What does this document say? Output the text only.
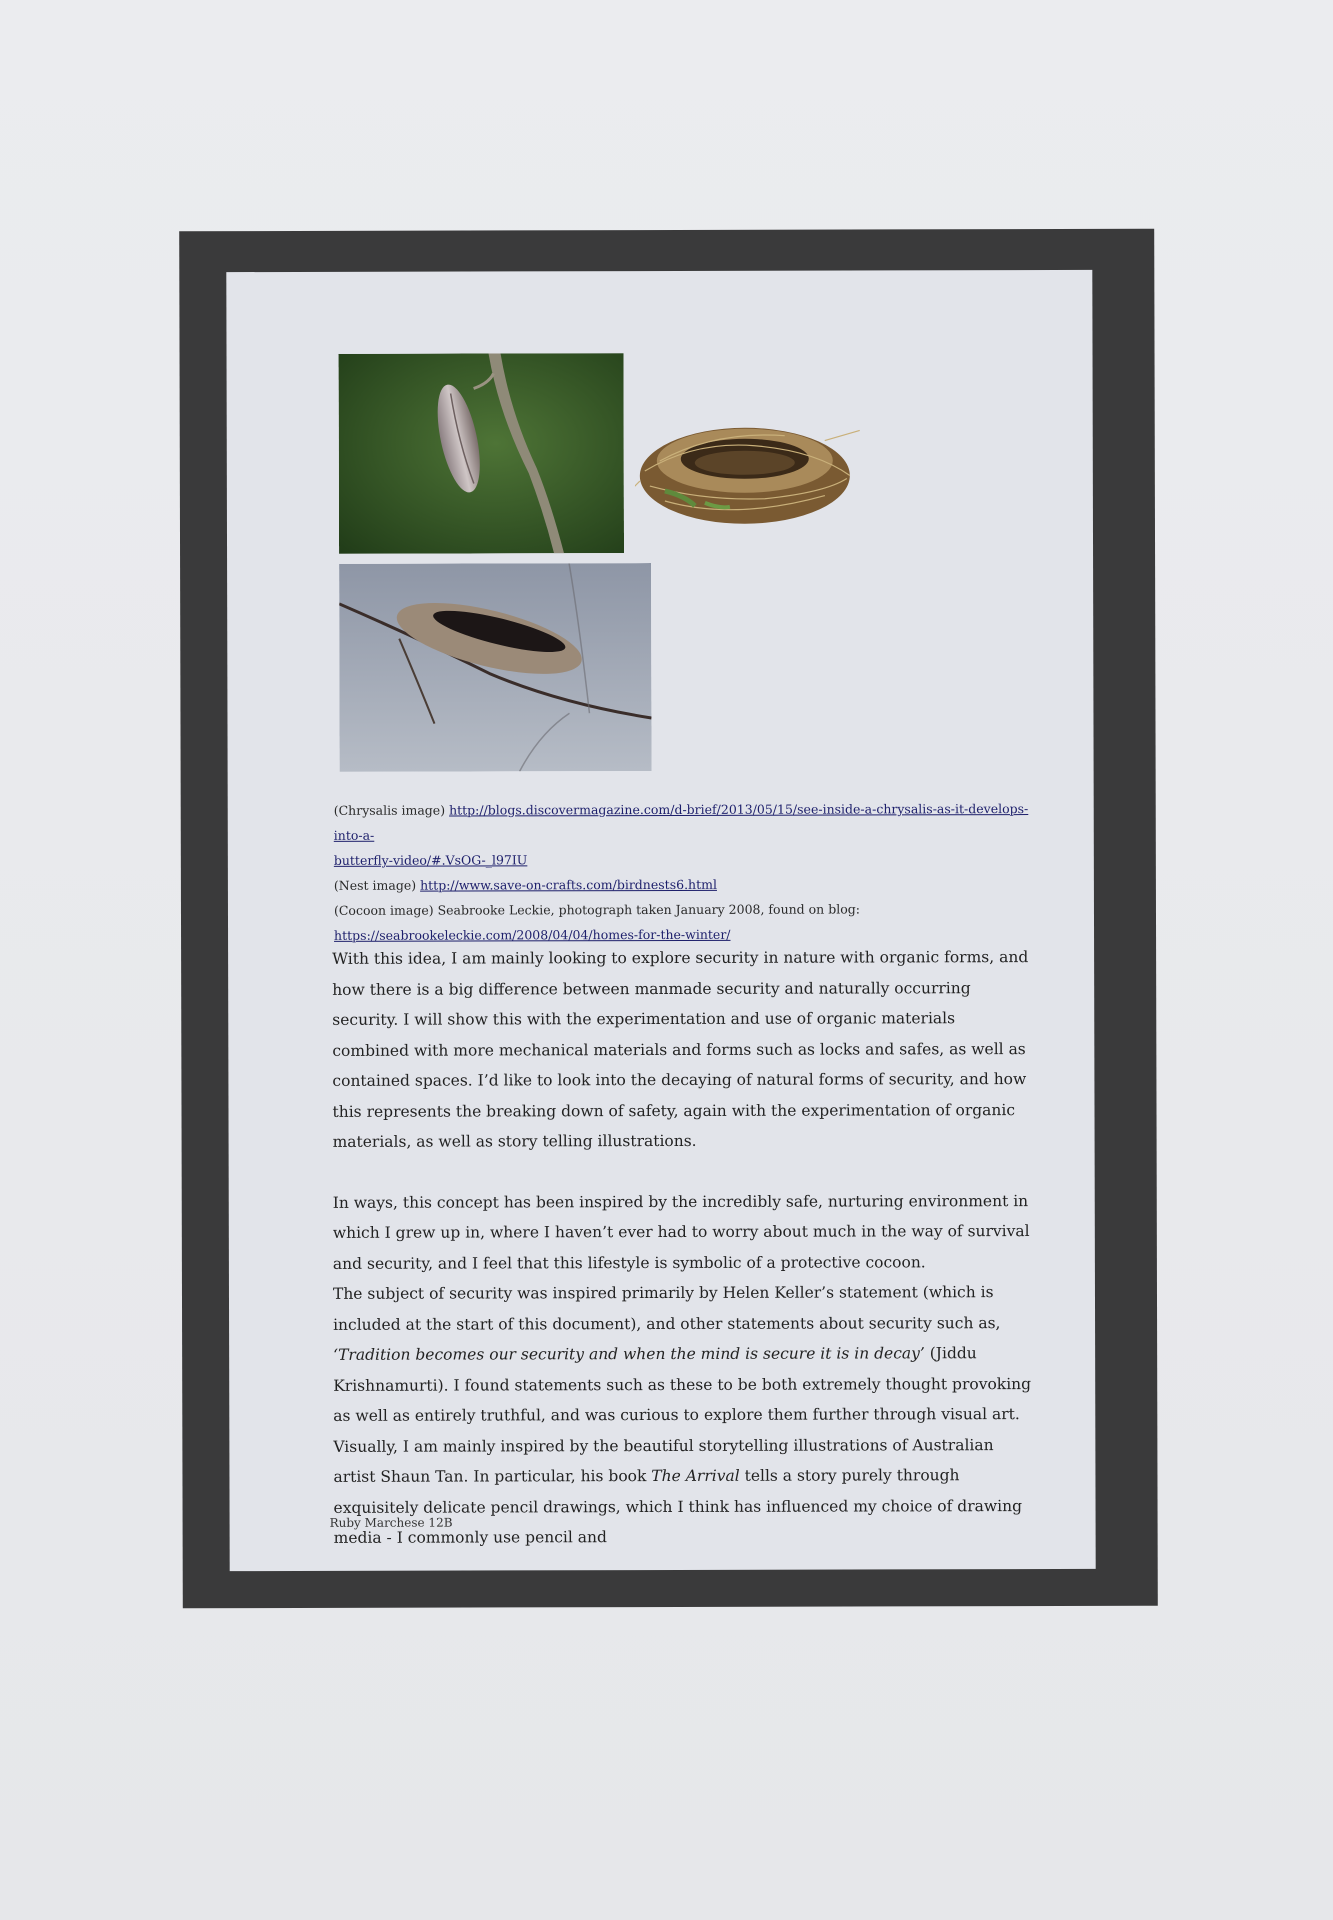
(Chrysalis image) http://blogs.discovermagazine.com/d-brief/2013/05/15/see-inside-a-chrysalis-as-it-develops-into-a-
butterfly-video/#.VsOG-_l97IU
(Nest image) http://www.save-on-crafts.com/birdnests6.html
(Cocoon image) Seabrooke Leckie, photograph taken January 2008, found on blog:
https://seabrookeleckie.com/2008/04/04/homes-for-the-winter/

With this idea, I am mainly looking to explore security in nature with organic forms, and how there is a big difference between manmade security and naturally occurring security. I will show this with the experimentation and use of organic materials combined with more mechanical materials and forms such as locks and safes, as well as contained spaces. I’d like to look into the decaying of natural forms of security, and how this represents the breaking down of safety, again with the experimentation of organic materials, as well as story telling illustrations.

In ways, this concept has been inspired by the incredibly safe, nurturing environment in which I grew up in, where I haven’t ever had to worry about much in the way of survival and security, and I feel that this lifestyle is symbolic of a protective cocoon.

The subject of security was inspired primarily by Helen Keller’s statement (which is included at the start of this document), and other statements about security such as, ‘Tradition becomes our security and when the mind is secure it is in decay’ (Jiddu Krishnamurti). I found statements such as these to be both extremely thought provoking as well as entirely truthful, and was curious to explore them further through visual art.

Visually, I am mainly inspired by the beautiful storytelling illustrations of Australian artist Shaun Tan. In particular, his book The Arrival tells a story purely through exquisitely delicate pencil drawings, which I think has influenced my choice of drawing media - I commonly use pencil and

Ruby Marchese 12B
